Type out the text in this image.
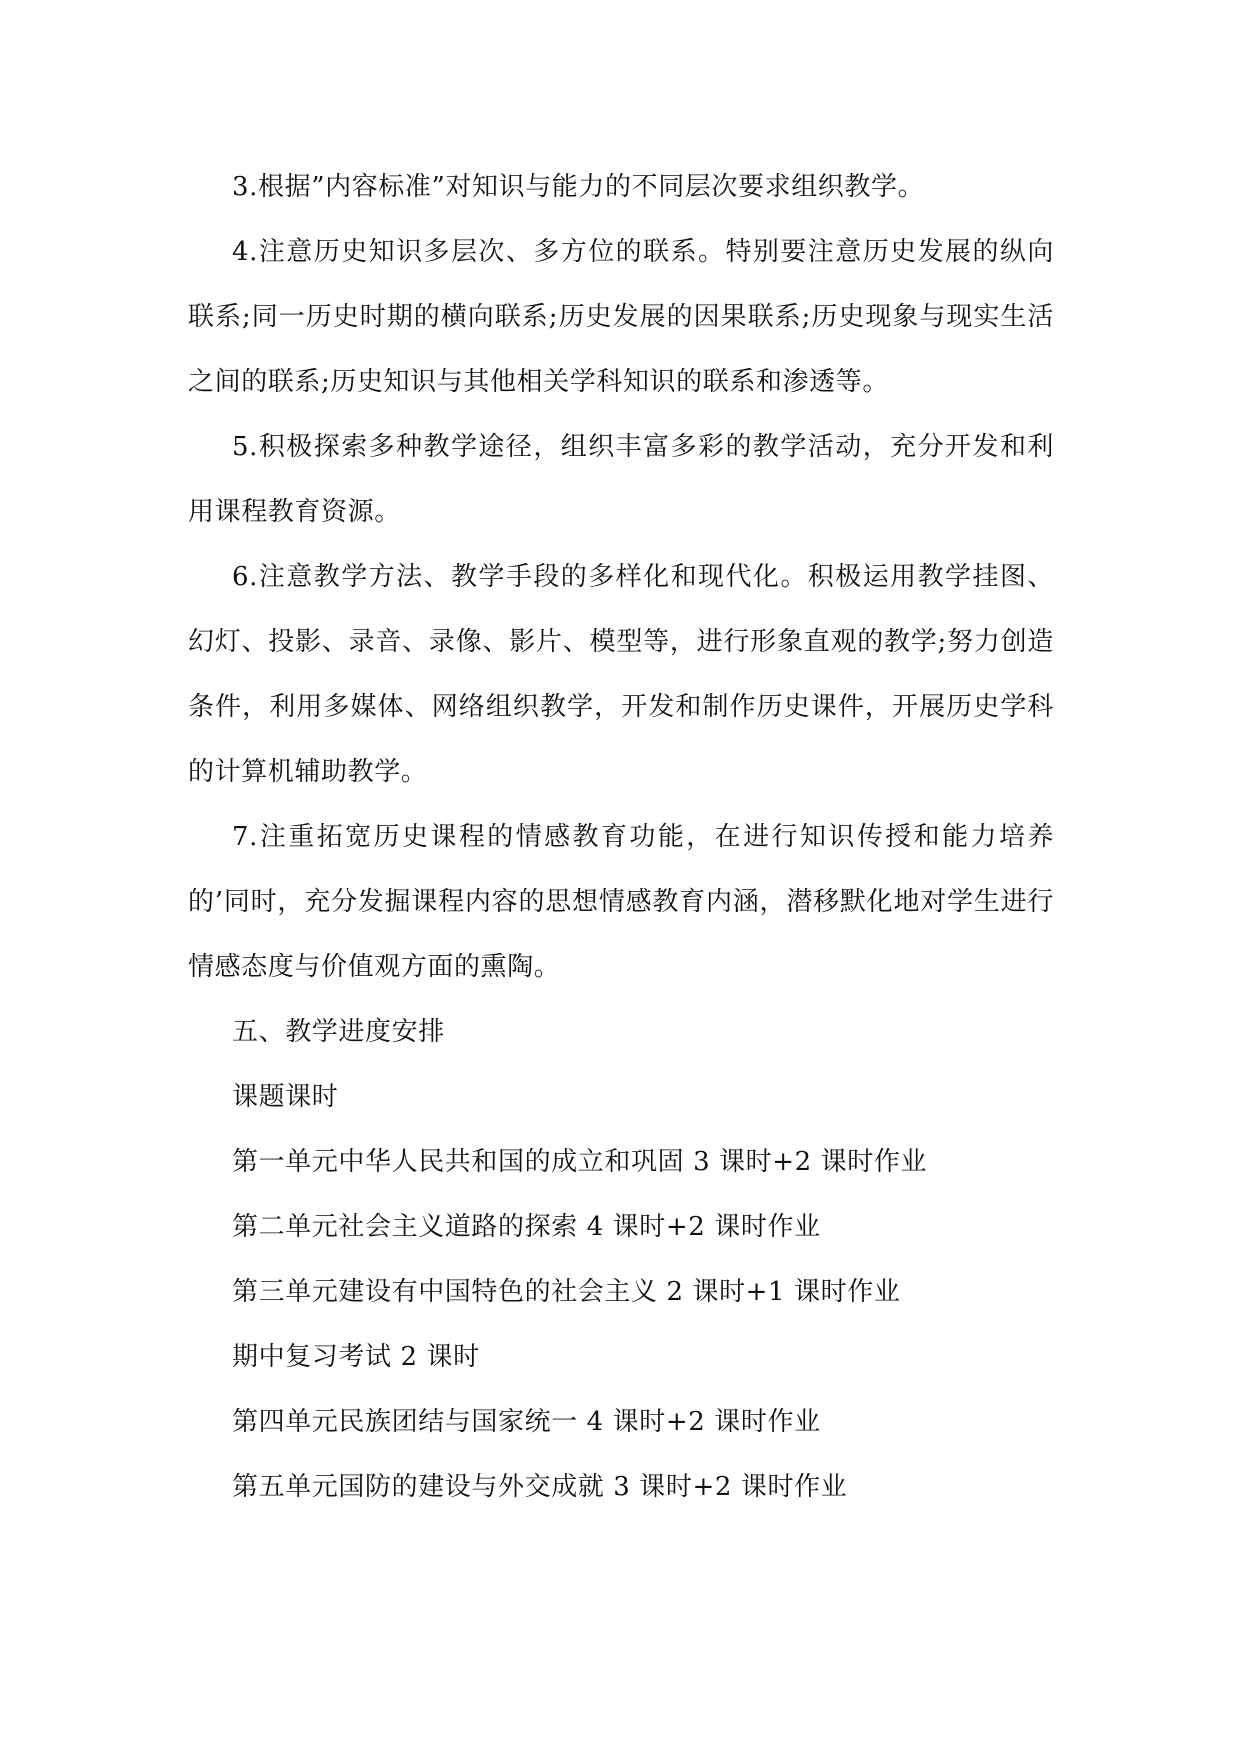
3.根据”内容标准”对知识与能力的不同层次要求组织教学。

4.注意历史知识多层次、多方位的联系。特别要注意历史发展的纵向联系;同一历史时期的横向联系;历史发展的因果联系;历史现象与现实生活之间的联系;历史知识与其他相关学科知识的联系和渗透等。

5.积极探索多种教学途径，组织丰富多彩的教学活动，充分开发和利用课程教育资源。

6.注意教学方法、教学手段的多样化和现代化。积极运用教学挂图、幻灯、投影、录音、录像、影片、模型等，进行形象直观的教学;努力创造条件，利用多媒体、网络组织教学，开发和制作历史课件，开展历史学科的计算机辅助教学。

7.注重拓宽历史课程的情感教育功能，在进行知识传授和能力培养的’同时，充分发掘课程内容的思想情感教育内涵，潜移默化地对学生进行情感态度与价值观方面的熏陶。

五、教学进度安排

课题课时

第一单元中华人民共和国的成立和巩固 3 课时+2 课时作业

第二单元社会主义道路的探索 4 课时+2 课时作业

第三单元建设有中国特色的社会主义 2 课时+1 课时作业

期中复习考试 2 课时

第四单元民族团结与国家统一 4 课时+2 课时作业

第五单元国防的建设与外交成就 3 课时+2 课时作业
